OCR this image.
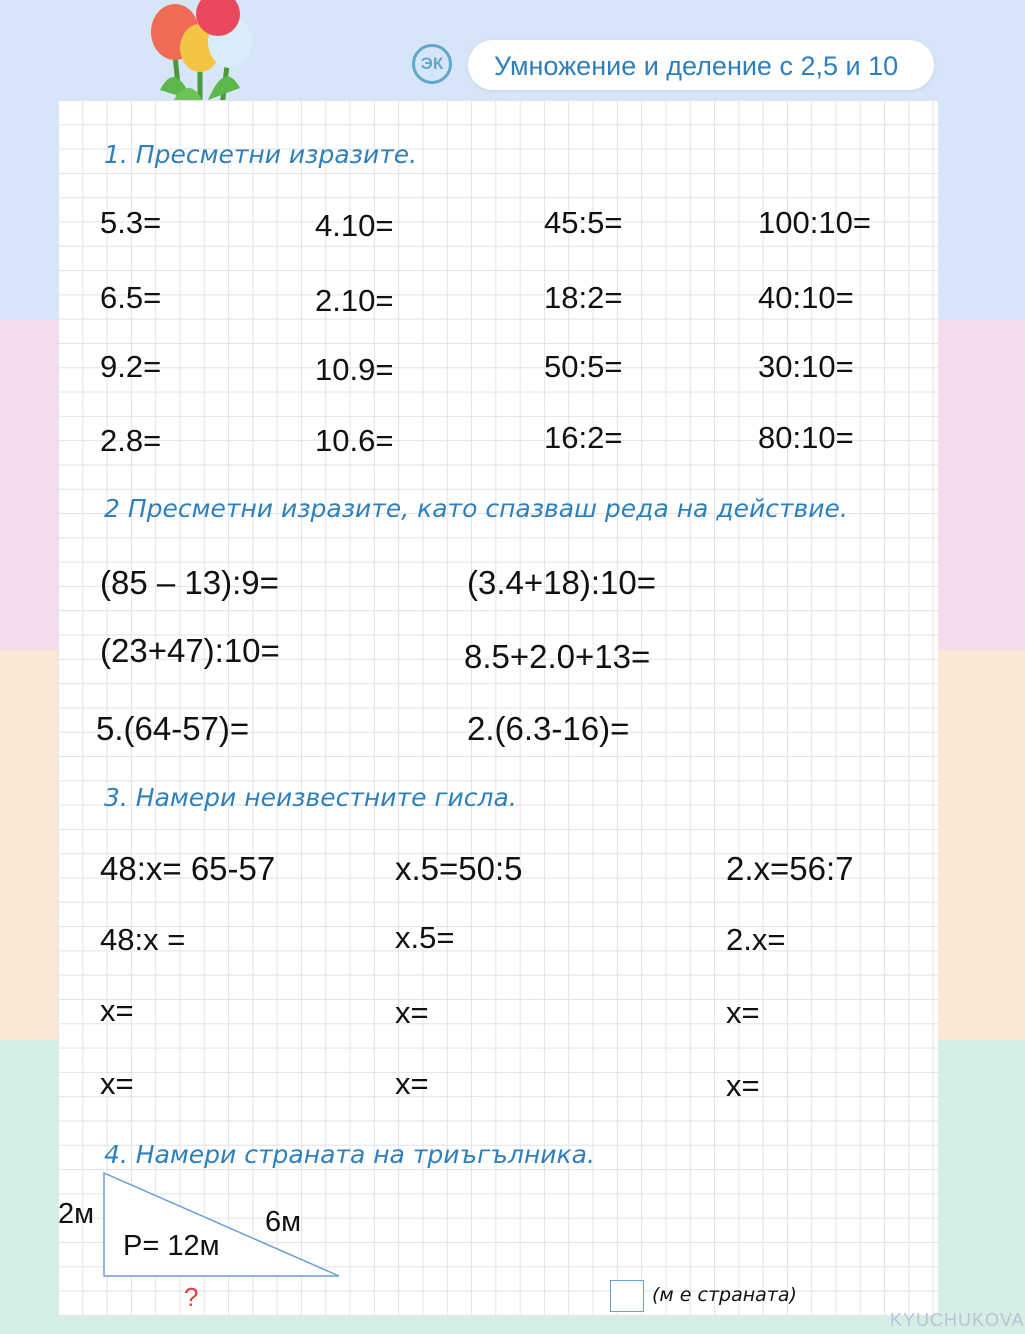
ЭК	Умножение и деление с 2,5 и 10
1. Пресметни изразите.
5.3=	4.10=	45:5=	100:10=
6.5=	2.10=	18:2=	40:10=
9.2=	10.9=	50:5=	30:10=
2.8=	10.6=	16:2=	80:10=
2 Пресметни изразите, като спазваш реда на действие.
(85 – 13):9=	(3.4+18):10=
(23+47):10=	8.5+2.0+13=
5.(64-57)=	2.(6.3-16)=
3. Намери неизвестните гисла.
48:x= 65-57	x.5=50:5	2.x=56:7
48:x =	x.5=	2.x=
x=	x=	x=
x=	x=	x=
4. Намери страната на триъгълника.
2м	6м
P= 12м
?	(м е страната)
KYUCHUKOVA
